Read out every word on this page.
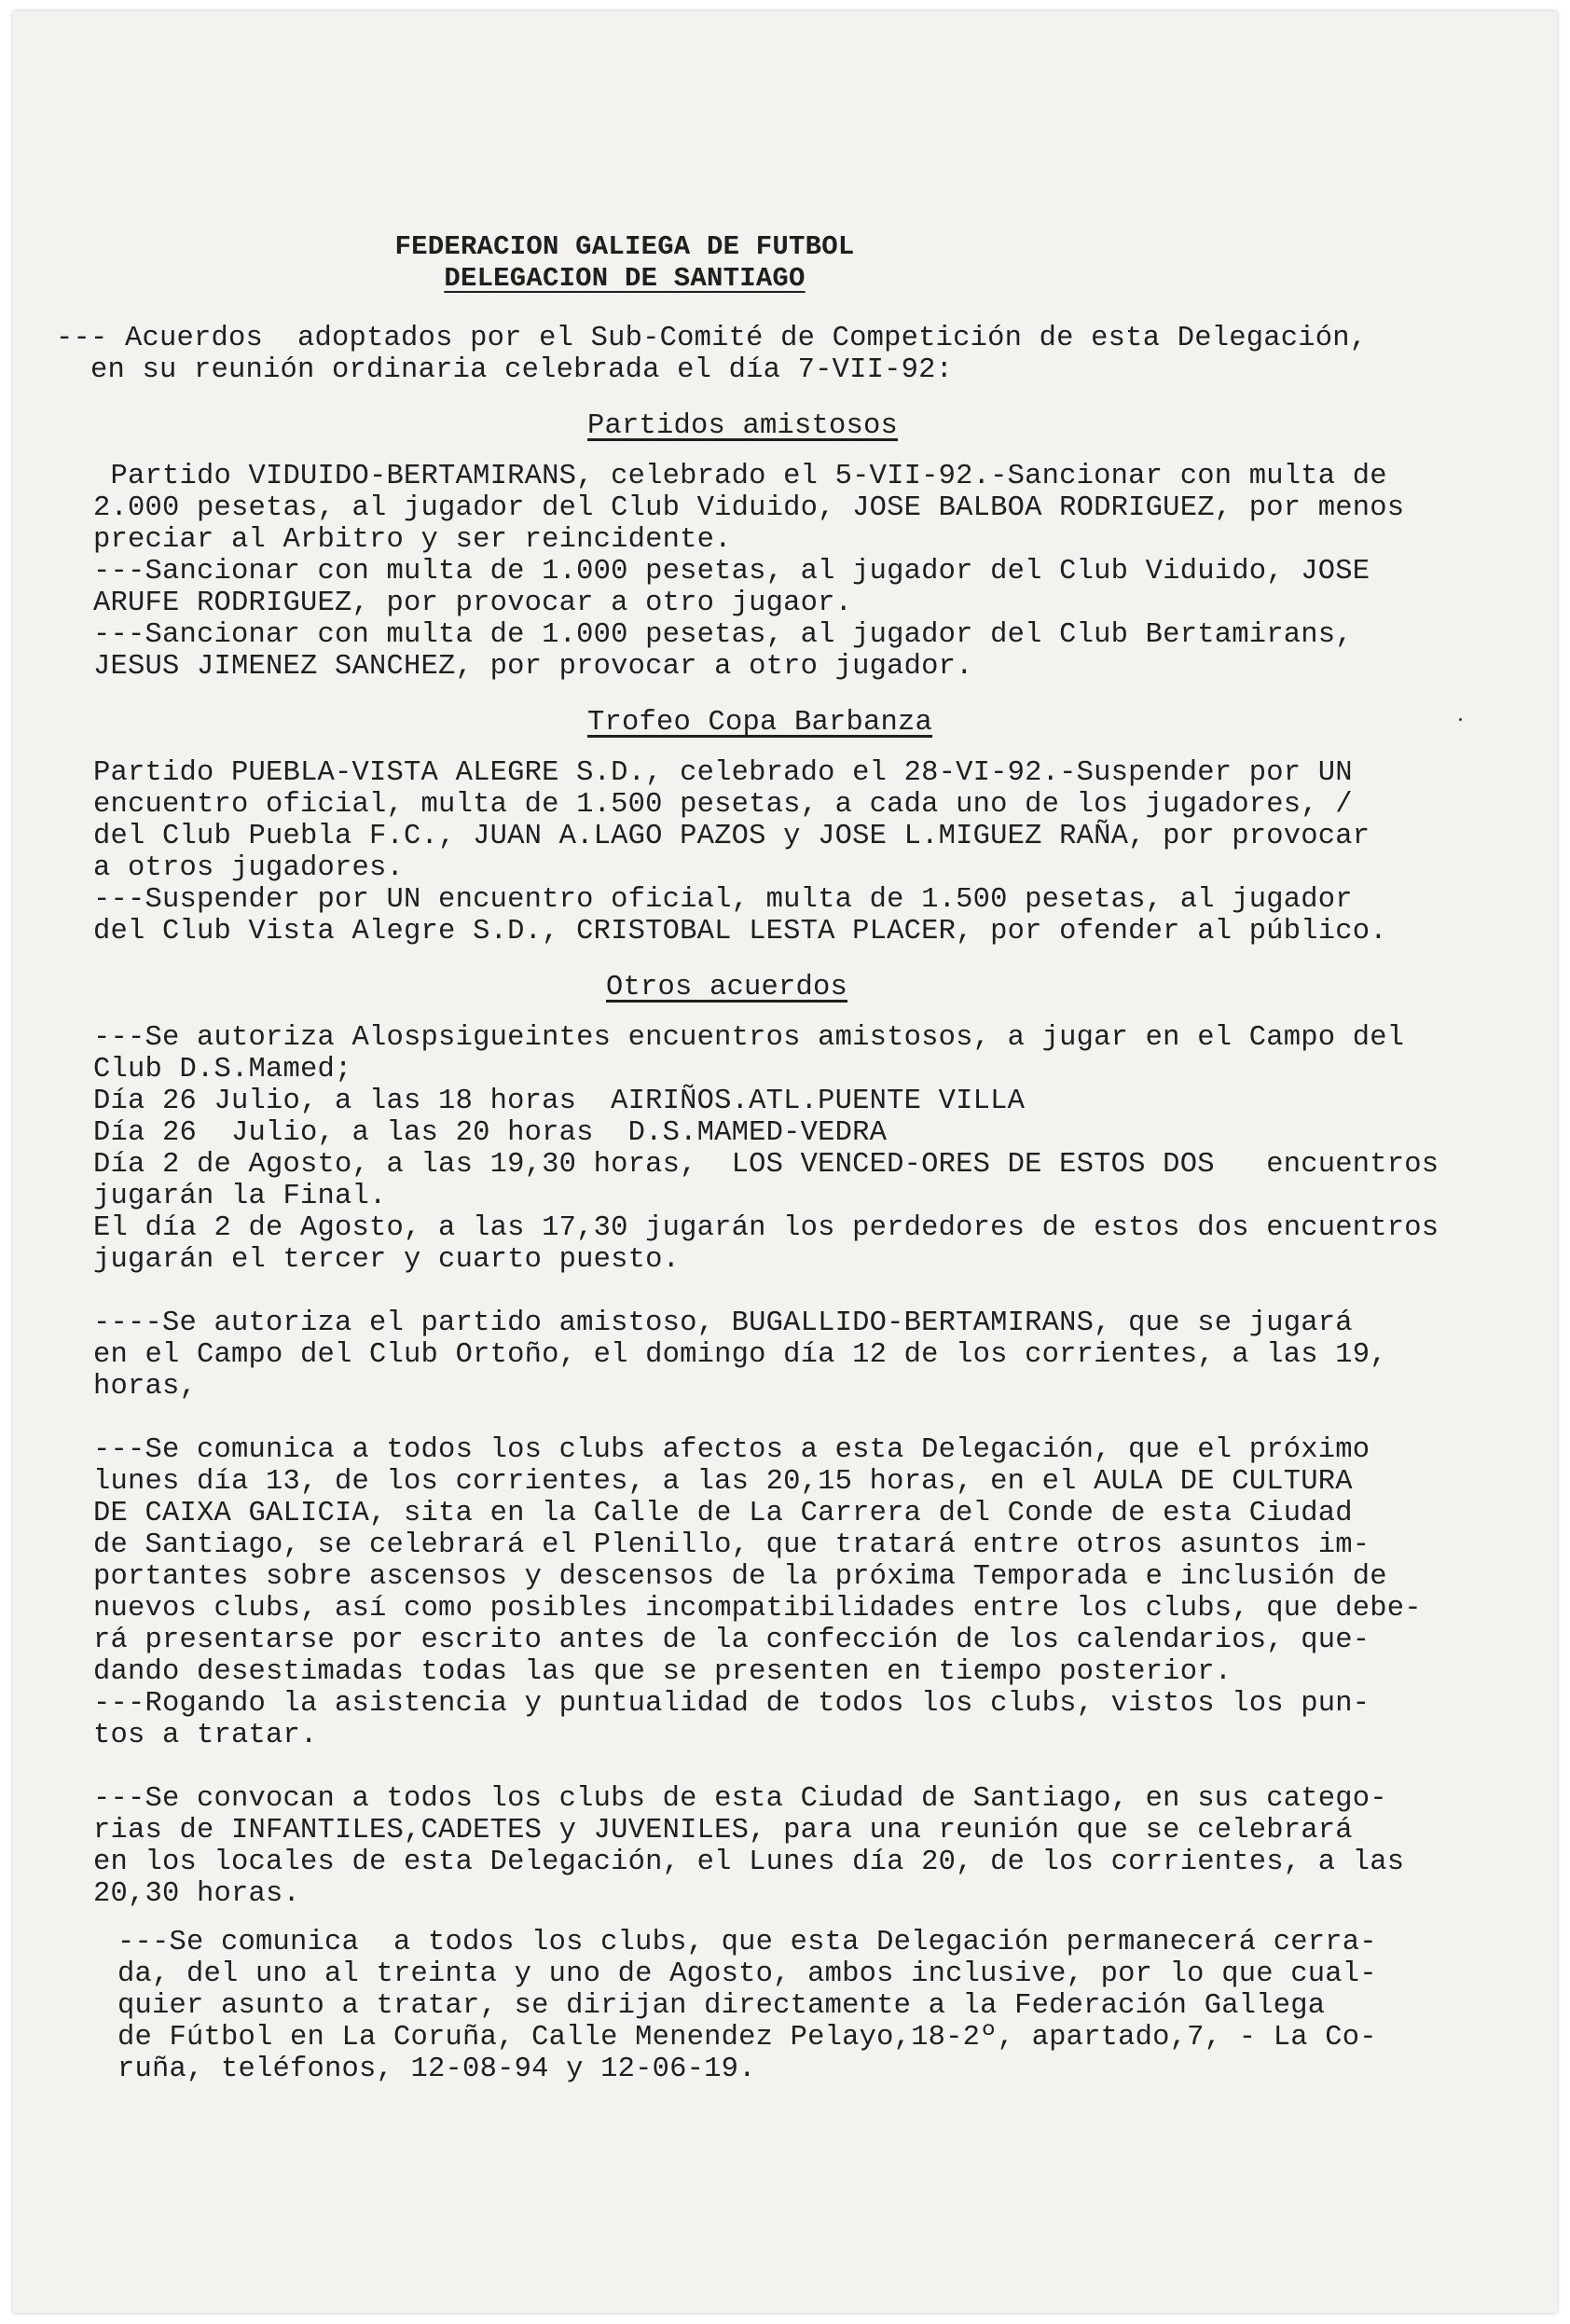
FEDERACION GALIEGA DE FUTBOL
DELEGACION DE SANTIAGO

--- Acuerdos  adoptados por el Sub-Comité de Competición de esta Delegación,

en su reunión ordinaria celebrada el día 7-VII-92:

Partidos amistosos

Partido VIDUIDO-BERTAMIRANS, celebrado el 5-VII-92.-Sancionar con multa de

2.000 pesetas, al jugador del Club Viduido, JOSE BALBOA RODRIGUEZ, por menos

preciar al Arbitro y ser reincidente.

---Sancionar con multa de 1.000 pesetas, al jugador del Club Viduido, JOSE

ARUFE RODRIGUEZ, por provocar a otro jugaor.

---Sancionar con multa de 1.000 pesetas, al jugador del Club Bertamirans,

JESUS JIMENEZ SANCHEZ, por provocar a otro jugador.

Trofeo Copa Barbanza

Partido PUEBLA-VISTA ALEGRE S.D., celebrado el 28-VI-92.-Suspender por UN

encuentro oficial, multa de 1.500 pesetas, a cada uno de los jugadores, /

del Club Puebla F.C., JUAN A.LAGO PAZOS y JOSE L.MIGUEZ RAÑA, por provocar

a otros jugadores.

---Suspender por UN encuentro oficial, multa de 1.500 pesetas, al jugador

del Club Vista Alegre S.D., CRISTOBAL LESTA PLACER, por ofender al público.

Otros acuerdos

---Se autoriza Alospsigueintes encuentros amistosos, a jugar en el Campo del

Club D.S.Mamed;

Día 26 Julio, a las 18 horas  AIRIÑOS.ATL.PUENTE VILLA

Día 26  Julio, a las 20 horas  D.S.MAMED-VEDRA

Día 2 de Agosto, a las 19,30 horas,  LOS VENCED-ORES DE ESTOS DOS   encuentros

jugarán la Final.

El día 2 de Agosto, a las 17,30 jugarán los perdedores de estos dos encuentros

jugarán el tercer y cuarto puesto.

----Se autoriza el partido amistoso, BUGALLIDO-BERTAMIRANS, que se jugará

en el Campo del Club Ortoño, el domingo día 12 de los corrientes, a las 19,

horas,

---Se comunica a todos los clubs afectos a esta Delegación, que el próximo

lunes día 13, de los corrientes, a las 20,15 horas, en el AULA DE CULTURA

DE CAIXA GALICIA, sita en la Calle de La Carrera del Conde de esta Ciudad

de Santiago, se celebrará el Plenillo, que tratará entre otros asuntos im-

portantes sobre ascensos y descensos de la próxima Temporada e inclusión de

nuevos clubs, así como posibles incompatibilidades entre los clubs, que debe-

rá presentarse por escrito antes de la confección de los calendarios, que-

dando desestimadas todas las que se presenten en tiempo posterior.

---Rogando la asistencia y puntualidad de todos los clubs, vistos los pun-

tos a tratar.

---Se convocan a todos los clubs de esta Ciudad de Santiago, en sus catego-

rias de INFANTILES,CADETES y JUVENILES, para una reunión que se celebrará

en los locales de esta Delegación, el Lunes día 20, de los corrientes, a las

20,30 horas.

---Se comunica  a todos los clubs, que esta Delegación permanecerá cerra-

da, del uno al treinta y uno de Agosto, ambos inclusive, por lo que cual-

quier asunto a tratar, se dirijan directamente a la Federación Gallega

de Fútbol en La Coruña, Calle Menendez Pelayo,18-2º, apartado,7, - La Co-

ruña, teléfonos, 12-08-94 y 12-06-19.
